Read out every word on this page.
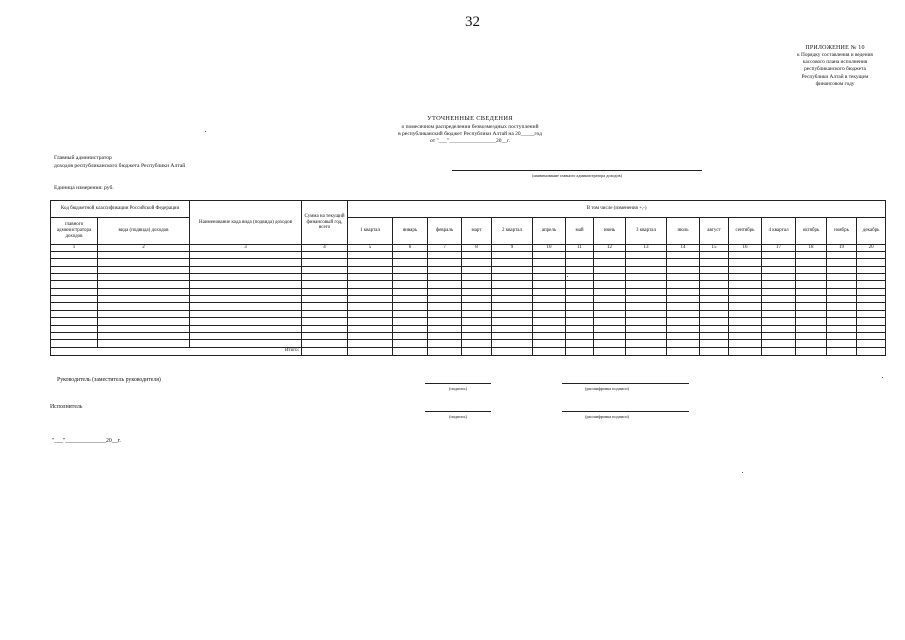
32
ПРИЛОЖЕНИЕ № 10
к Порядку составления и ведения
кассового плана исполнения
республиканского бюджета
Республики Алтай в текущем
финансовом году
УТОЧНЕННЫЕ СВЕДЕНИЯ
о помесячном распределении безвозмездных поступлений
в республиканский бюджет Республики Алтай на 20_____год
от "___"_________________20__г.
Главный администратор
доходов республиканского бюджета Республики Алтай
(наименование главного администратора доходов)
Единица измерения: руб.
Код бюджетной классификации Российской Федерации		Наименование кода вида (подвида) доходов	Сумма на текущий финансовый год, всего	В том числе (изменения +,-)															
главного администратора доходов	вида (подвида) доходов			1 квартал	январь	февраль	март	2 квартал	апрель	май	июнь	3 квартал	июль	август	сентябрь	4 квартал	октябрь	ноябрь	декабрь
1	2	3	4	5	6	7	8	9	10	11	12	13	14	15	16	17	18	19	20

Итого:																			
Руководитель (заместитель руководителя)
(подпись)	(расшифровка подписи)
Исполнитель
(подпись)	(расшифровка подписи)
"___"______________20__г.
